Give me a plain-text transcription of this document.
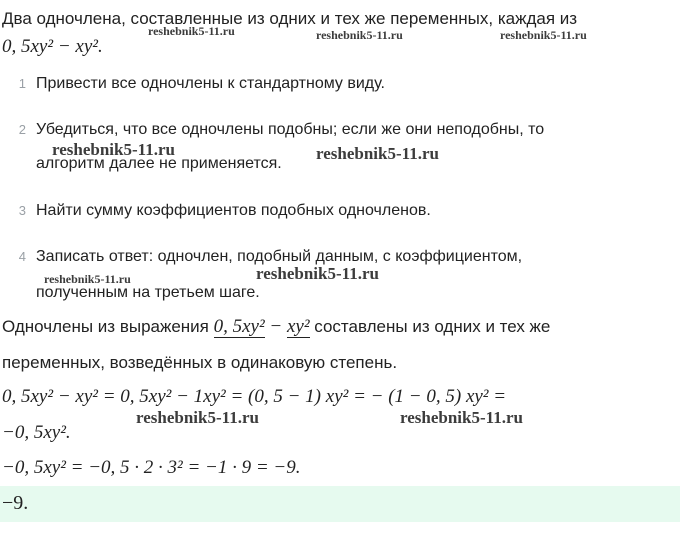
Два одночлена, составленные из одних и тех же переменных, каждая из
0, 5xy² − xy².
reshebnik5-11.ru	reshebnik5-11.ru	reshebnik5-11.ru
1 Привести все одночлены к стандартному виду.
2 Убедиться, что все одночлены подобны; если же они неподобны, то
алгоритм далее не применяется.
3 Найти сумму коэффициентов подобных одночленов.
4 Записать ответ: одночлен, подобный данным, с коэффициентом,
полученным на третьем шаге.
reshebnik5-11.ru	reshebnik5-11.ru
reshebnik5-11.ru	reshebnik5-11.ru
Одночлены из выражения 0, 5xy² − xy² составлены из одних и тех же
переменных, возведённых в одинаковую степень.
0, 5xy² − xy² = 0, 5xy² − 1xy² = (0, 5 − 1) xy² = − (1 − 0, 5) xy² =
−0, 5xy².
−0, 5xy² = −0, 5 · 2 · 3² = −1 · 9 = −9.
reshebnik5-11.ru	reshebnik5-11.ru
−9.
